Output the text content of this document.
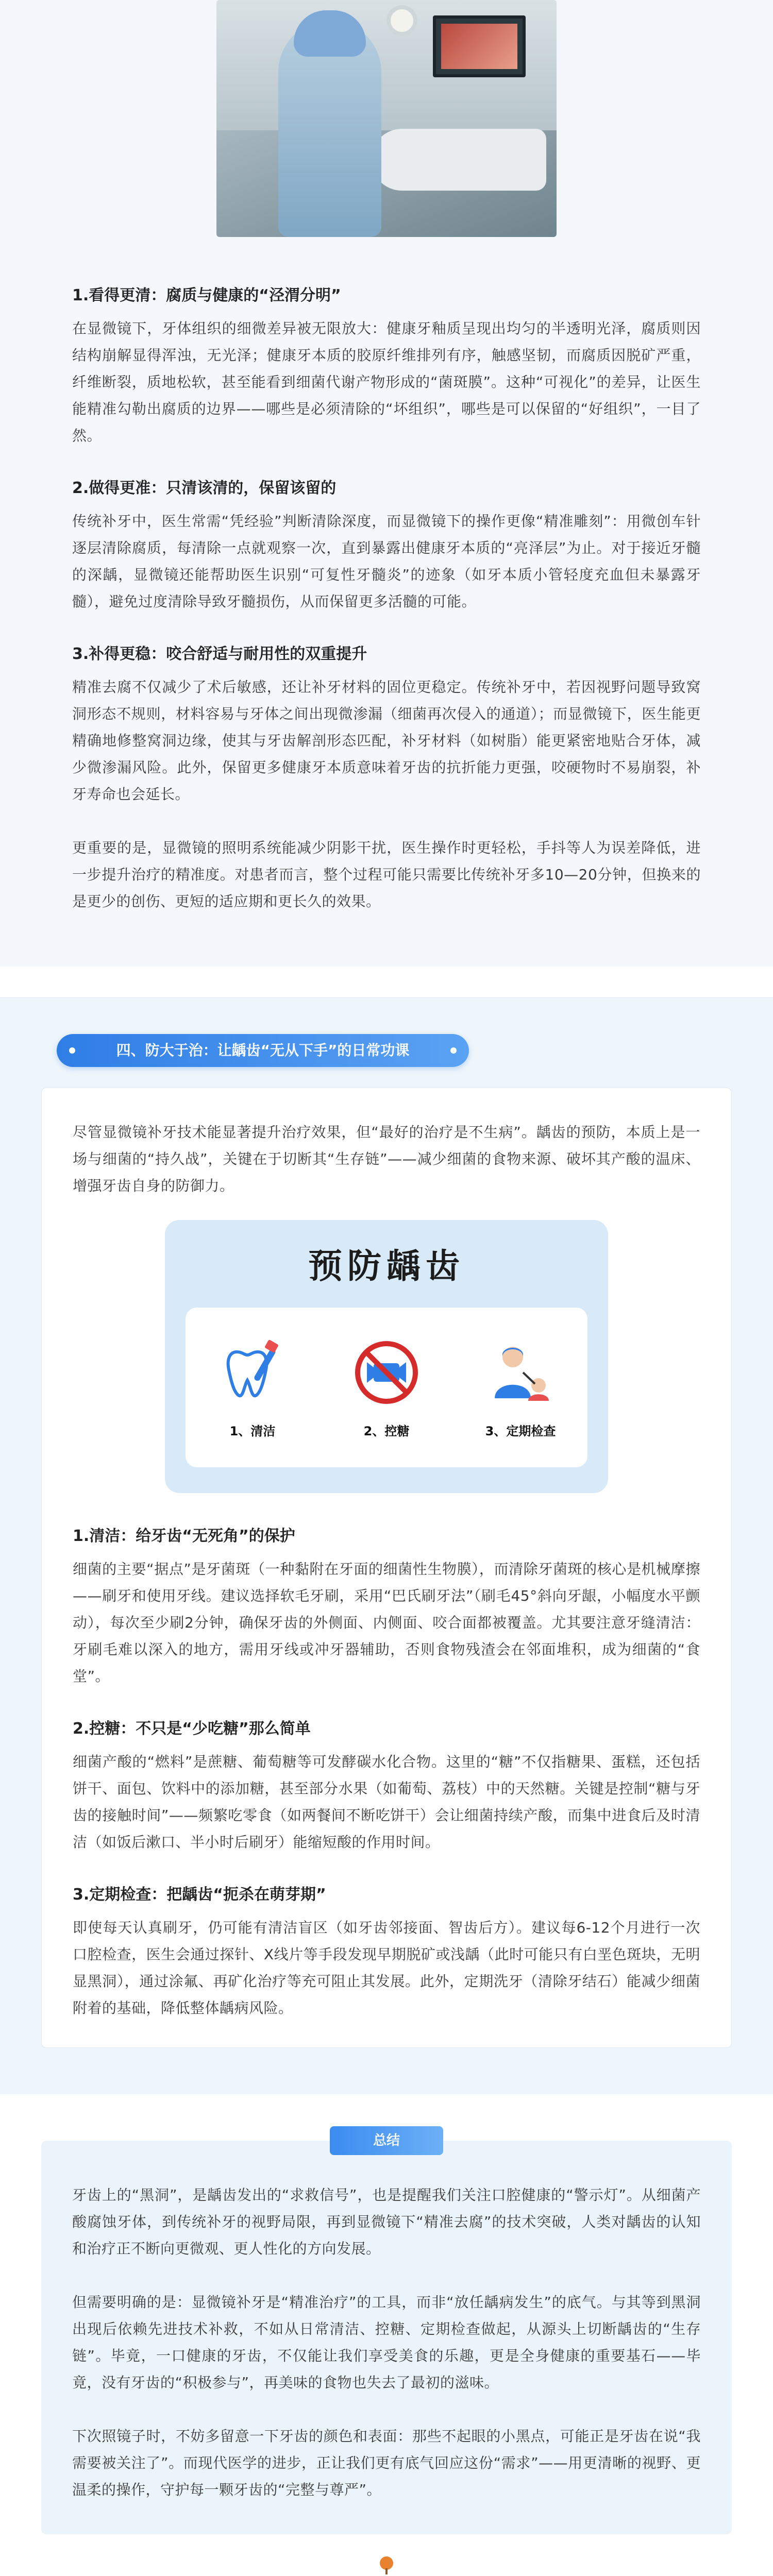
1.看得更清：腐质与健康的“泾渭分明”
在显微镜下，牙体组织的细微差异被无限放大：健康牙釉质呈现出均匀的半透明光泽，腐质则因结构崩解显得浑浊，无光泽；健康牙本质的胶原纤维排列有序，触感坚韧，而腐质因脱矿严重，纤维断裂，质地松软，甚至能看到细菌代谢产物形成的“菌斑膜”。这种“可视化”的差异，让医生能精准勾勒出腐质的边界——哪些是必须清除的“坏组织”，哪些是可以保留的“好组织”，一目了然。
2.做得更准：只清该清的，保留该留的
传统补牙中，医生常需“凭经验”判断清除深度，而显微镜下的操作更像“精准雕刻”：用微创车针逐层清除腐质，每清除一点就观察一次，直到暴露出健康牙本质的“亮泽层”为止。对于接近牙髓的深龋，显微镜还能帮助医生识别“可复性牙髓炎”的迹象（如牙本质小管轻度充血但未暴露牙髓），避免过度清除导致牙髓损伤，从而保留更多活髓的可能。
3.补得更稳：咬合舒适与耐用性的双重提升
精准去腐不仅减少了术后敏感，还让补牙材料的固位更稳定。传统补牙中，若因视野问题导致窝洞形态不规则，材料容易与牙体之间出现微渗漏（细菌再次侵入的通道）；而显微镜下，医生能更精确地修整窝洞边缘，使其与牙齿解剖形态匹配，补牙材料（如树脂）能更紧密地贴合牙体，减少微渗漏风险。此外，保留更多健康牙本质意味着牙齿的抗折能力更强，咬硬物时不易崩裂，补牙寿命也会延长。
更重要的是，显微镜的照明系统能减少阴影干扰，医生操作时更轻松，手抖等人为误差降低，进一步提升治疗的精准度。对患者而言，整个过程可能只需要比传统补牙多10—20分钟，但换来的是更少的创伤、更短的适应期和更长久的效果。
四、防大于治：让龋齿“无从下手”的日常功课
尽管显微镜补牙技术能显著提升治疗效果，但“最好的治疗是不生病”。龋齿的预防，本质上是一场与细菌的“持久战”，关键在于切断其“生存链”——减少细菌的食物来源、破坏其产酸的温床、增强牙齿自身的防御力。
预防龋齿
1、清洁	2、控糖	3、定期检查
1.清洁：给牙齿“无死角”的保护
细菌的主要“据点”是牙菌斑（一种黏附在牙面的细菌性生物膜），而清除牙菌斑的核心是机械摩擦——刷牙和使用牙线。建议选择软毛牙刷，采用“巴氏刷牙法”（刷毛45°斜向牙龈，小幅度水平颤动），每次至少刷2分钟，确保牙齿的外侧面、内侧面、咬合面都被覆盖。尤其要注意牙缝清洁：牙刷毛难以深入的地方，需用牙线或冲牙器辅助，否则食物残渣会在邻面堆积，成为细菌的“食堂”。
2.控糖：不只是“少吃糖”那么简单
细菌产酸的“燃料”是蔗糖、葡萄糖等可发酵碳水化合物。这里的“糖”不仅指糖果、蛋糕，还包括饼干、面包、饮料中的添加糖，甚至部分水果（如葡萄、荔枝）中的天然糖。关键是控制“糖与牙齿的接触时间”——频繁吃零食（如两餐间不断吃饼干）会让细菌持续产酸，而集中进食后及时清洁（如饭后漱口、半小时后刷牙）能缩短酸的作用时间。
3.定期检查：把龋齿“扼杀在萌芽期”
即使每天认真刷牙，仍可能有清洁盲区（如牙齿邻接面、智齿后方）。建议每6-12个月进行一次口腔检查，医生会通过探针、X线片等手段发现早期脱矿或浅龋（此时可能只有白垩色斑块，无明显黑洞），通过涂氟、再矿化治疗等充可阻止其发展。此外，定期洗牙（清除牙结石）能减少细菌附着的基础，降低整体龋病风险。
总结
牙齿上的“黑洞”，是龋齿发出的“求救信号”，也是提醒我们关注口腔健康的“警示灯”。从细菌产酸腐蚀牙体，到传统补牙的视野局限，再到显微镜下“精准去腐”的技术突破，人类对龋齿的认知和治疗正不断向更微观、更人性化的方向发展。
但需要明确的是：显微镜补牙是“精准治疗”的工具，而非“放任龋病发生”的底气。与其等到黑洞出现后依赖先进技术补救，不如从日常清洁、控糖、定期检查做起，从源头上切断龋齿的“生存链”。毕竟，一口健康的牙齿，不仅能让我们享受美食的乐趣，更是全身健康的重要基石——毕竟，没有牙齿的“积极参与”，再美味的食物也失去了最初的滋味。
下次照镜子时，不妨多留意一下牙齿的颜色和表面：那些不起眼的小黑点，可能正是牙齿在说“我需要被关注了”。而现代医学的进步，正让我们更有底气回应这份“需求”——用更清晰的视野、更温柔的操作，守护每一颗牙齿的“完整与尊严”。
